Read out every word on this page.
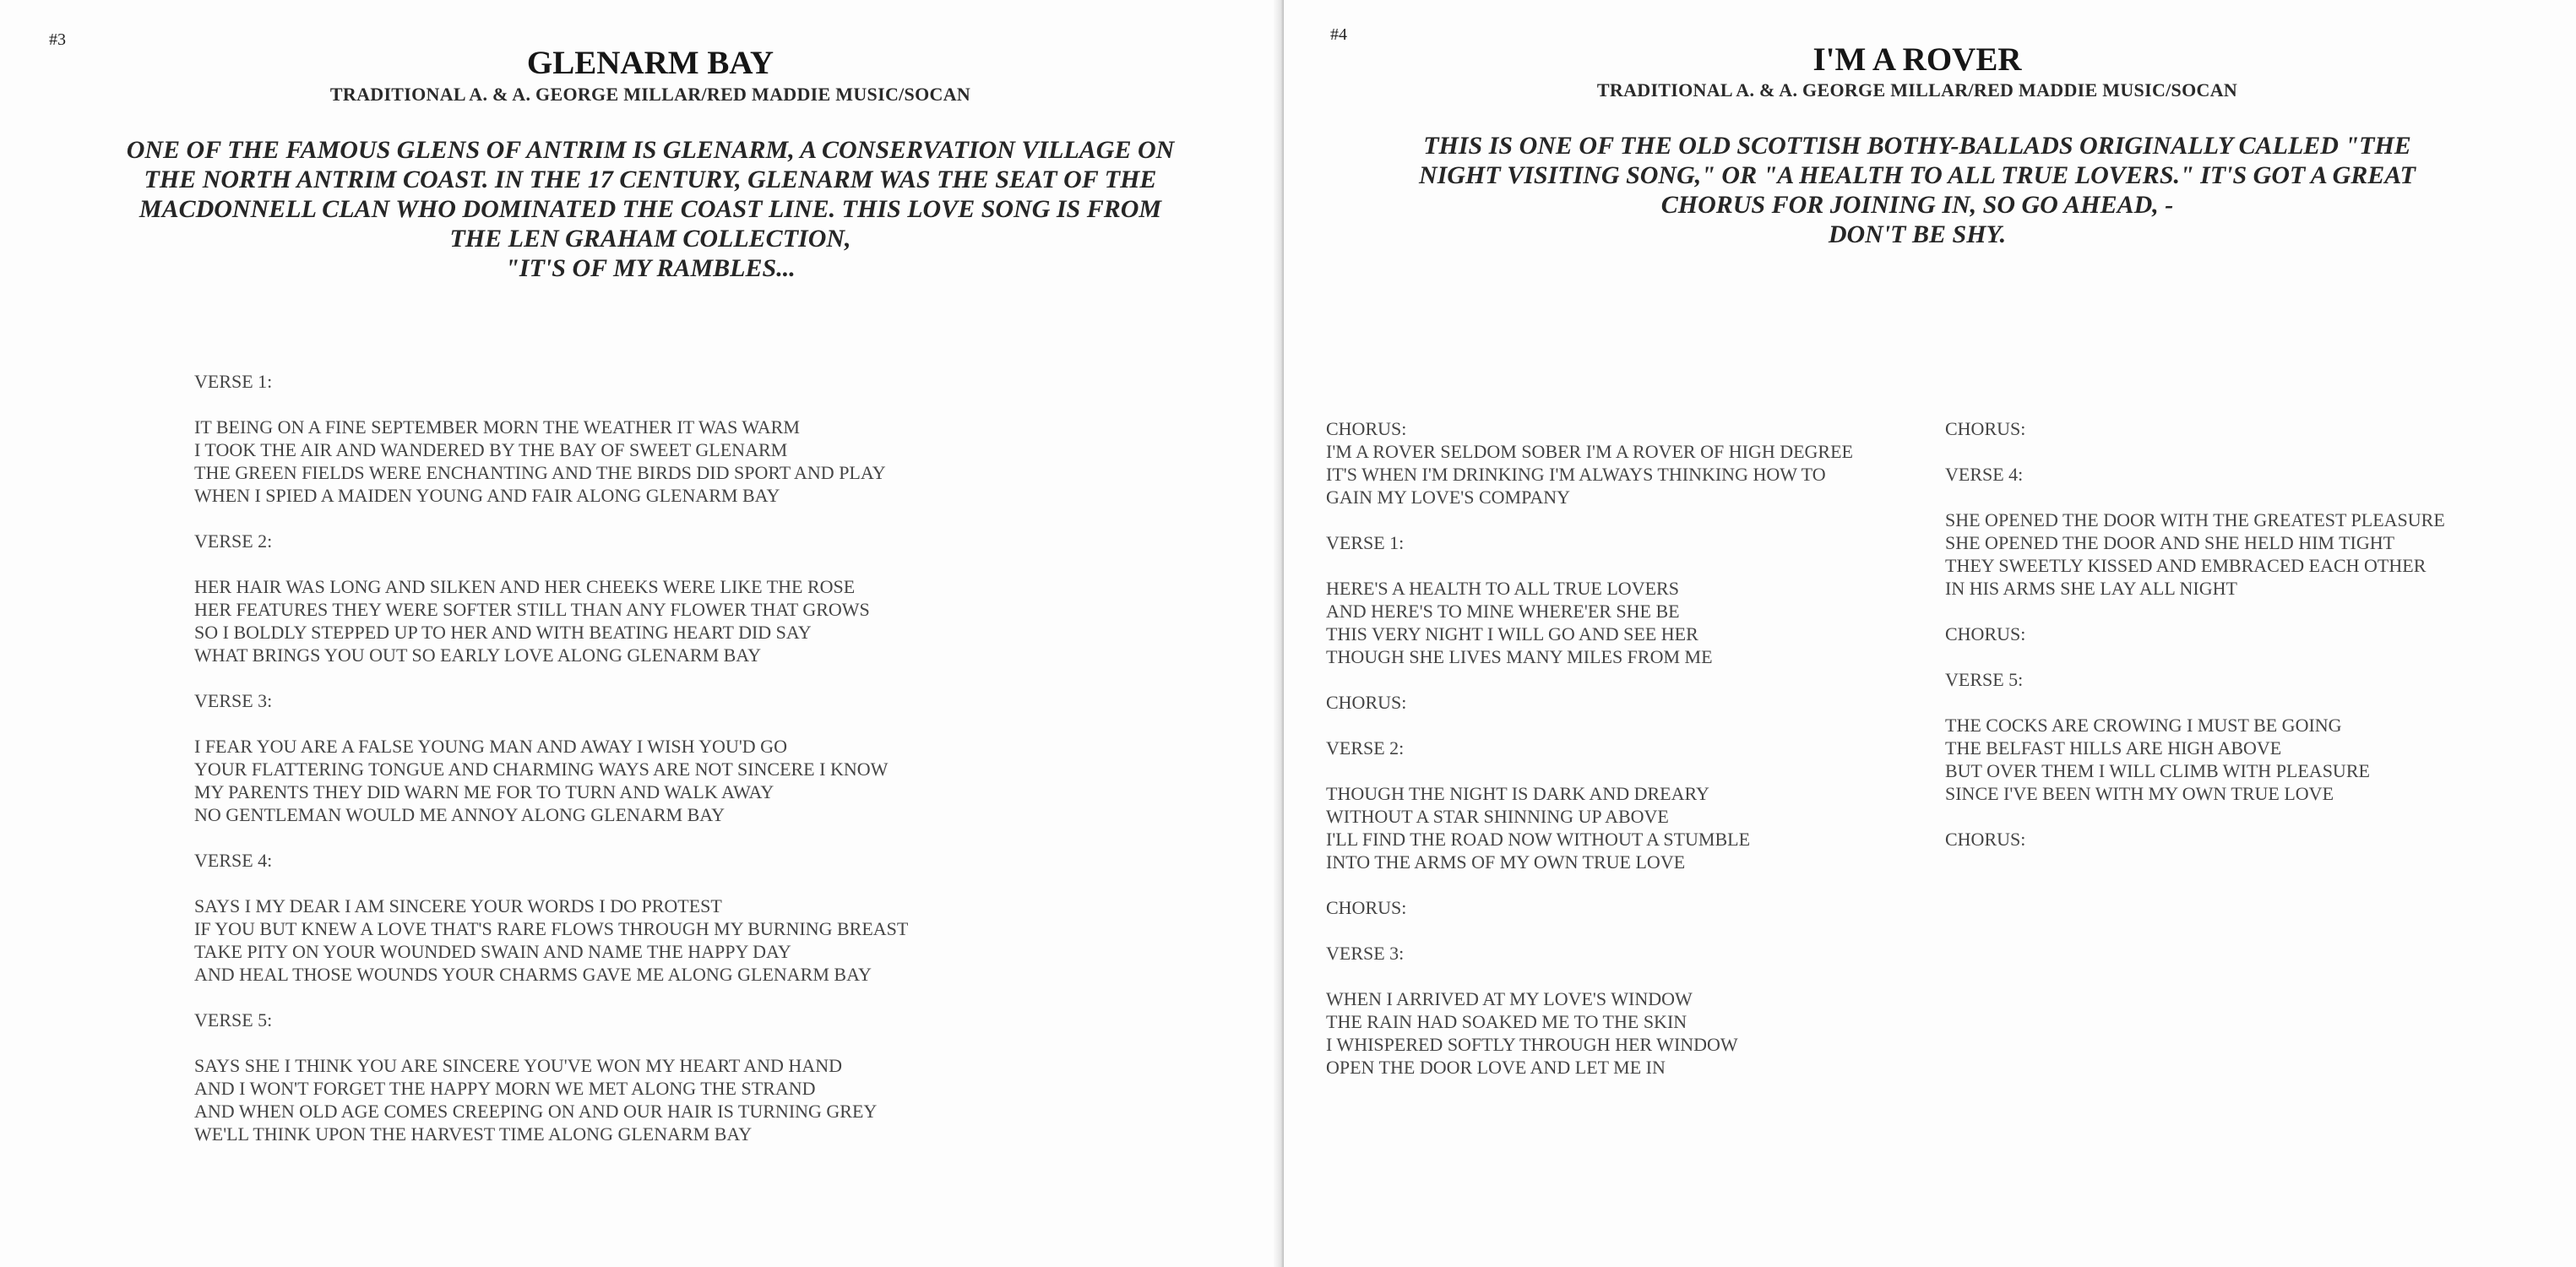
#3
GLENARM BAY
TRADITIONAL A. & A. GEORGE MILLAR/RED MADDIE MUSIC/SOCAN
ONE OF THE FAMOUS GLENS OF ANTRIM IS GLENARM, A CONSERVATION VILLAGE ON
THE NORTH ANTRIM COAST. IN THE 17 CENTURY, GLENARM WAS THE SEAT OF THE
MACDONNELL CLAN WHO DOMINATED THE COAST LINE. THIS LOVE SONG IS FROM
THE LEN GRAHAM COLLECTION,
"IT'S OF MY RAMBLES...
VERSE 1:
IT BEING ON A FINE SEPTEMBER MORN THE WEATHER IT WAS WARM
I TOOK THE AIR AND WANDERED BY THE BAY OF SWEET GLENARM
THE GREEN FIELDS WERE ENCHANTING AND THE BIRDS DID SPORT AND PLAY
WHEN I SPIED A MAIDEN YOUNG AND FAIR ALONG GLENARM BAY
VERSE 2:
HER HAIR WAS LONG AND SILKEN AND HER CHEEKS WERE LIKE THE ROSE
HER FEATURES THEY WERE SOFTER STILL THAN ANY FLOWER THAT GROWS
SO I BOLDLY STEPPED UP TO HER AND WITH BEATING HEART DID SAY
WHAT BRINGS YOU OUT SO EARLY LOVE ALONG GLENARM BAY
VERSE 3:
I FEAR YOU ARE A FALSE YOUNG MAN AND AWAY I WISH YOU'D GO
YOUR FLATTERING TONGUE AND CHARMING WAYS ARE NOT SINCERE I KNOW
MY PARENTS THEY DID WARN ME FOR TO TURN AND WALK AWAY
NO GENTLEMAN WOULD ME ANNOY ALONG GLENARM BAY
VERSE 4:
SAYS I MY DEAR I AM SINCERE YOUR WORDS I DO PROTEST
IF YOU BUT KNEW A LOVE THAT'S RARE FLOWS THROUGH MY BURNING BREAST
TAKE PITY ON YOUR WOUNDED SWAIN AND NAME THE HAPPY DAY
AND HEAL THOSE WOUNDS YOUR CHARMS GAVE ME ALONG GLENARM BAY
VERSE 5:
SAYS SHE I THINK YOU ARE SINCERE YOU'VE WON MY HEART AND HAND
AND I WON'T FORGET THE HAPPY MORN WE MET ALONG THE STRAND
AND WHEN OLD AGE COMES CREEPING ON AND OUR HAIR IS TURNING GREY
WE'LL THINK UPON THE HARVEST TIME ALONG GLENARM BAY
#4
I'M A ROVER
TRADITIONAL A. & A. GEORGE MILLAR/RED MADDIE MUSIC/SOCAN
THIS IS ONE OF THE OLD SCOTTISH BOTHY-BALLADS ORIGINALLY CALLED "THE
NIGHT VISITING SONG," OR "A HEALTH TO ALL TRUE LOVERS." IT'S GOT A GREAT
CHORUS FOR JOINING IN, SO GO AHEAD, -
DON'T BE SHY.
CHORUS:
I'M A ROVER SELDOM SOBER I'M A ROVER OF HIGH DEGREE
IT'S WHEN I'M DRINKING I'M ALWAYS THINKING HOW TO
GAIN MY LOVE'S COMPANY
VERSE 1:
HERE'S A HEALTH TO ALL TRUE LOVERS
AND HERE'S TO MINE WHERE'ER SHE BE
THIS VERY NIGHT I WILL GO AND SEE HER
THOUGH SHE LIVES MANY MILES FROM ME
CHORUS:
VERSE 2:
THOUGH THE NIGHT IS DARK AND DREARY
WITHOUT A STAR SHINNING UP ABOVE
I'LL FIND THE ROAD NOW WITHOUT A STUMBLE
INTO THE ARMS OF MY OWN TRUE LOVE
CHORUS:
VERSE 3:
WHEN I ARRIVED AT MY LOVE'S WINDOW
THE RAIN HAD SOAKED ME TO THE SKIN
I WHISPERED SOFTLY THROUGH HER WINDOW
OPEN THE DOOR LOVE AND LET ME IN
CHORUS:
VERSE 4:
SHE OPENED THE DOOR WITH THE GREATEST PLEASURE
SHE OPENED THE DOOR AND SHE HELD HIM TIGHT
THEY SWEETLY KISSED AND EMBRACED EACH OTHER
IN HIS ARMS SHE LAY ALL NIGHT
CHORUS:
VERSE 5:
THE COCKS ARE CROWING I MUST BE GOING
THE BELFAST HILLS ARE HIGH ABOVE
BUT OVER THEM I WILL CLIMB WITH PLEASURE
SINCE I'VE BEEN WITH MY OWN TRUE LOVE
CHORUS:
